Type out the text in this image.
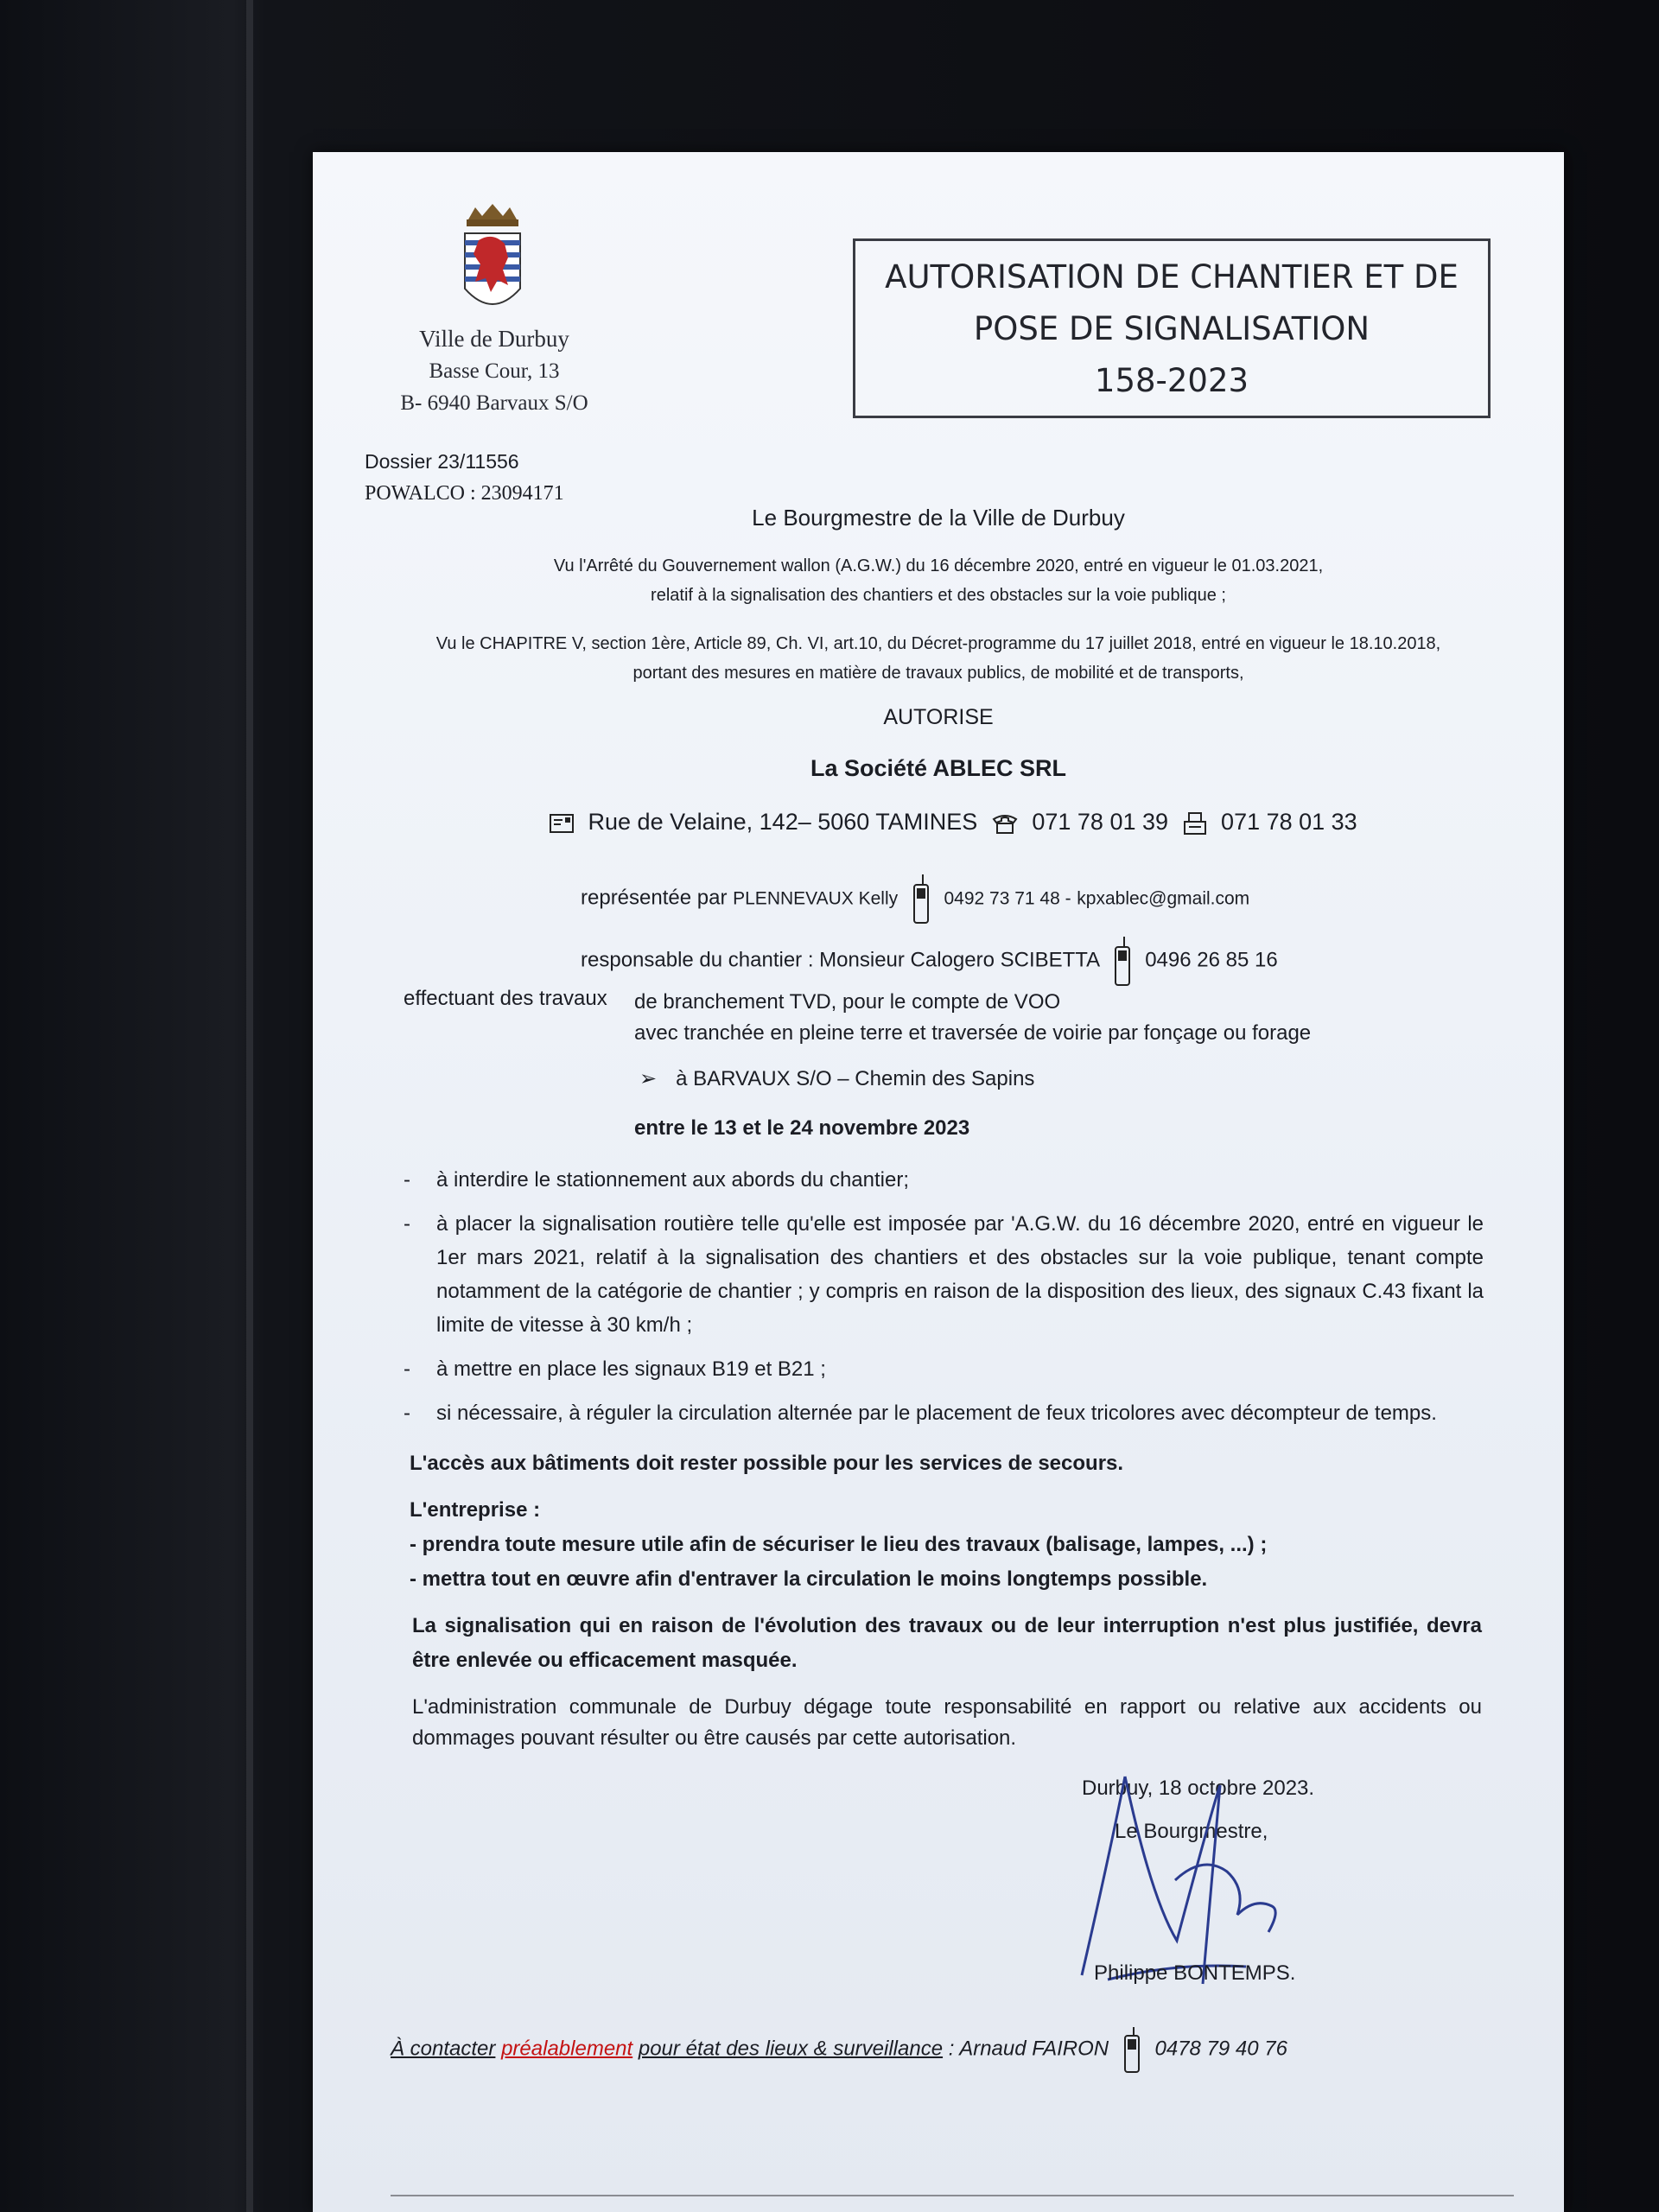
Ville de Durbuy
Basse Cour, 13
B- 6940 Barvaux S/O
AUTORISATION DE CHANTIER ET DE
POSE DE SIGNALISATION
158-2023
Dossier 23/11556
POWALCO : 23094171
Le Bourgmestre de la Ville de Durbuy
Vu l'Arrêté du Gouvernement wallon (A.G.W.) du 16 décembre 2020, entré en vigueur le 01.03.2021,
relatif à la signalisation des chantiers et des obstacles sur la voie publique ;
Vu le CHAPITRE V, section 1ère, Article 89, Ch. VI, art.10, du Décret-programme du 17 juillet 2018, entré en vigueur le 18.10.2018,
portant des mesures en matière de travaux publics, de mobilité et de transports,
AUTORISE
La Société ABLEC SRL
Rue de Velaine, 142– 5060 TAMINES 071 78 01 39 071 78 01 33
représentée par PLENNEVAUX Kelly	0492 73 71 48 - kpxablec@gmail.com
responsable du chantier : Monsieur Calogero SCIBETTA 0496 26 85 16
effectuant des travaux de branchement TVD, pour le compte de VOO
avec tranchée en pleine terre et traversée de voirie par fonçage ou forage
➢ à BARVAUX S/O – Chemin des Sapins
entre le 13 et le 24 novembre 2023
-	à interdire le stationnement aux abords du chantier;
-	à placer la signalisation routière telle qu'elle est imposée par 'A.G.W. du 16 décembre 2020, entré en vigueur le 1er mars 2021, relatif à la signalisation des chantiers et des obstacles sur la voie publique, tenant compte notamment de la catégorie de chantier ; y compris en raison de la disposition des lieux, des signaux C.43 fixant la limite de vitesse à 30 km/h ;
-	à mettre en place les signaux B19 et B21 ;
-	si nécessaire, à réguler la circulation alternée par le placement de feux tricolores avec décompteur de temps.
L'accès aux bâtiments doit rester possible pour les services de secours.
L'entreprise :
- prendra toute mesure utile afin de sécuriser le lieu des travaux (balisage, lampes, ...) ;
- mettra tout en œuvre afin d'entraver la circulation le moins longtemps possible.
La signalisation qui en raison de l'évolution des travaux ou de leur interruption n'est plus justifiée, devra être enlevée ou efficacement masquée.
L'administration communale de Durbuy dégage toute responsabilité en rapport ou relative aux accidents ou dommages pouvant résulter ou être causés par cette autorisation.
Durbuy, 18 octobre 2023.
Le Bourgmestre,
Philippe BONTEMPS.
À contacter préalablement pour état des lieux & surveillance : Arnaud FAIRON 0478 79 40 76
